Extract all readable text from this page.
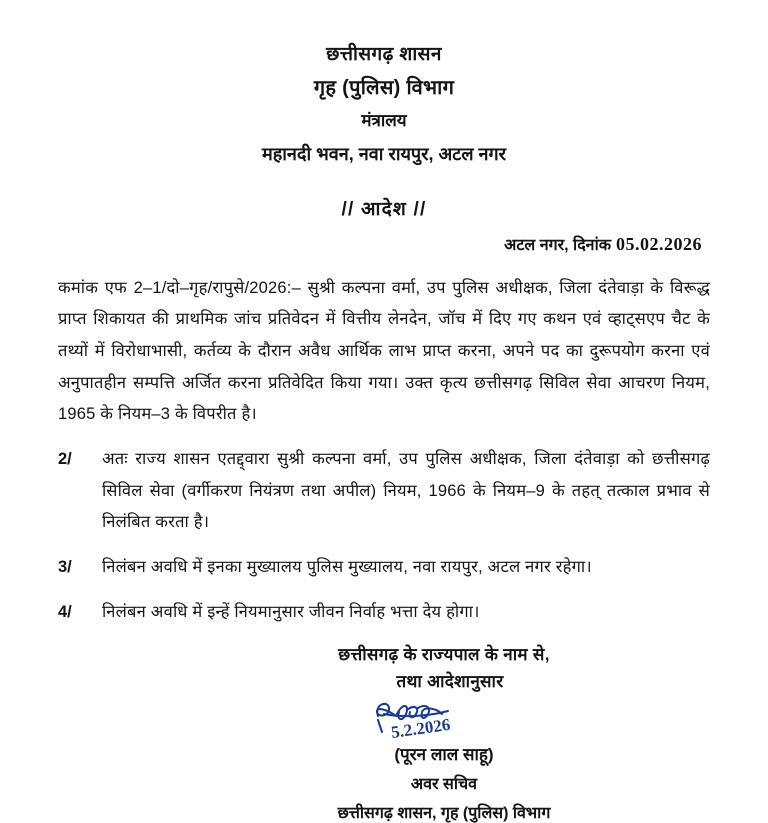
छत्तीसगढ़ शासन
गृह (पुलिस) विभाग
मंत्रालय
महानदी भवन, नवा रायपुर, अटल नगर
// आदेश //
अटल नगर, दिनांक 05.02.2026

कमांक एफ 2–1/दो–गृह/रापुसे/2026:– सुश्री कल्पना वर्मा, उप पुलिस अधीक्षक, जिला दंतेवाड़ा के विरूद्ध प्राप्त शिकायत की प्राथमिक जांच प्रतिवेदन में वित्तीय लेनदेन, जॉच में दिए गए कथन एवं व्हाट्सएप चैट के तथ्यों में विरोधाभासी, कर्तव्य के दौरान अवैध आर्थिक लाभ प्राप्त करना, अपने पद का दुरूपयोग करना एवं अनुपातहीन सम्पत्ति अर्जित करना प्रतिवेदित किया गया। उक्त कृत्य छत्तीसगढ़ सिविल सेवा आचरण नियम, 1965 के नियम–3 के विपरीत है।

2/	अतः राज्य शासन एतद्द्वारा सुश्री कल्पना वर्मा, उप पुलिस अधीक्षक, जिला दंतेवाड़ा को छत्तीसगढ़ सिविल सेवा (वर्गीकरण नियंत्रण तथा अपील) नियम, 1966 के नियम–9 के तहत् तत्काल प्रभाव से निलंबित करता है।
3/	निलंबन अवधि में इनका मुख्यालय पुलिस मुख्यालय, नवा रायपुर, अटल नगर रहेगा।
4/	निलंबन अवधि में इन्हें नियमानुसार जीवन निर्वाह भत्ता देय होगा।
छत्तीसगढ़ के राज्यपाल के नाम से,
तथा आदेशानुसार
5.2.2026
(पूरन लाल साहू)
अवर सचिव
छत्तीसगढ़ शासन, गृह (पुलिस) विभाग
